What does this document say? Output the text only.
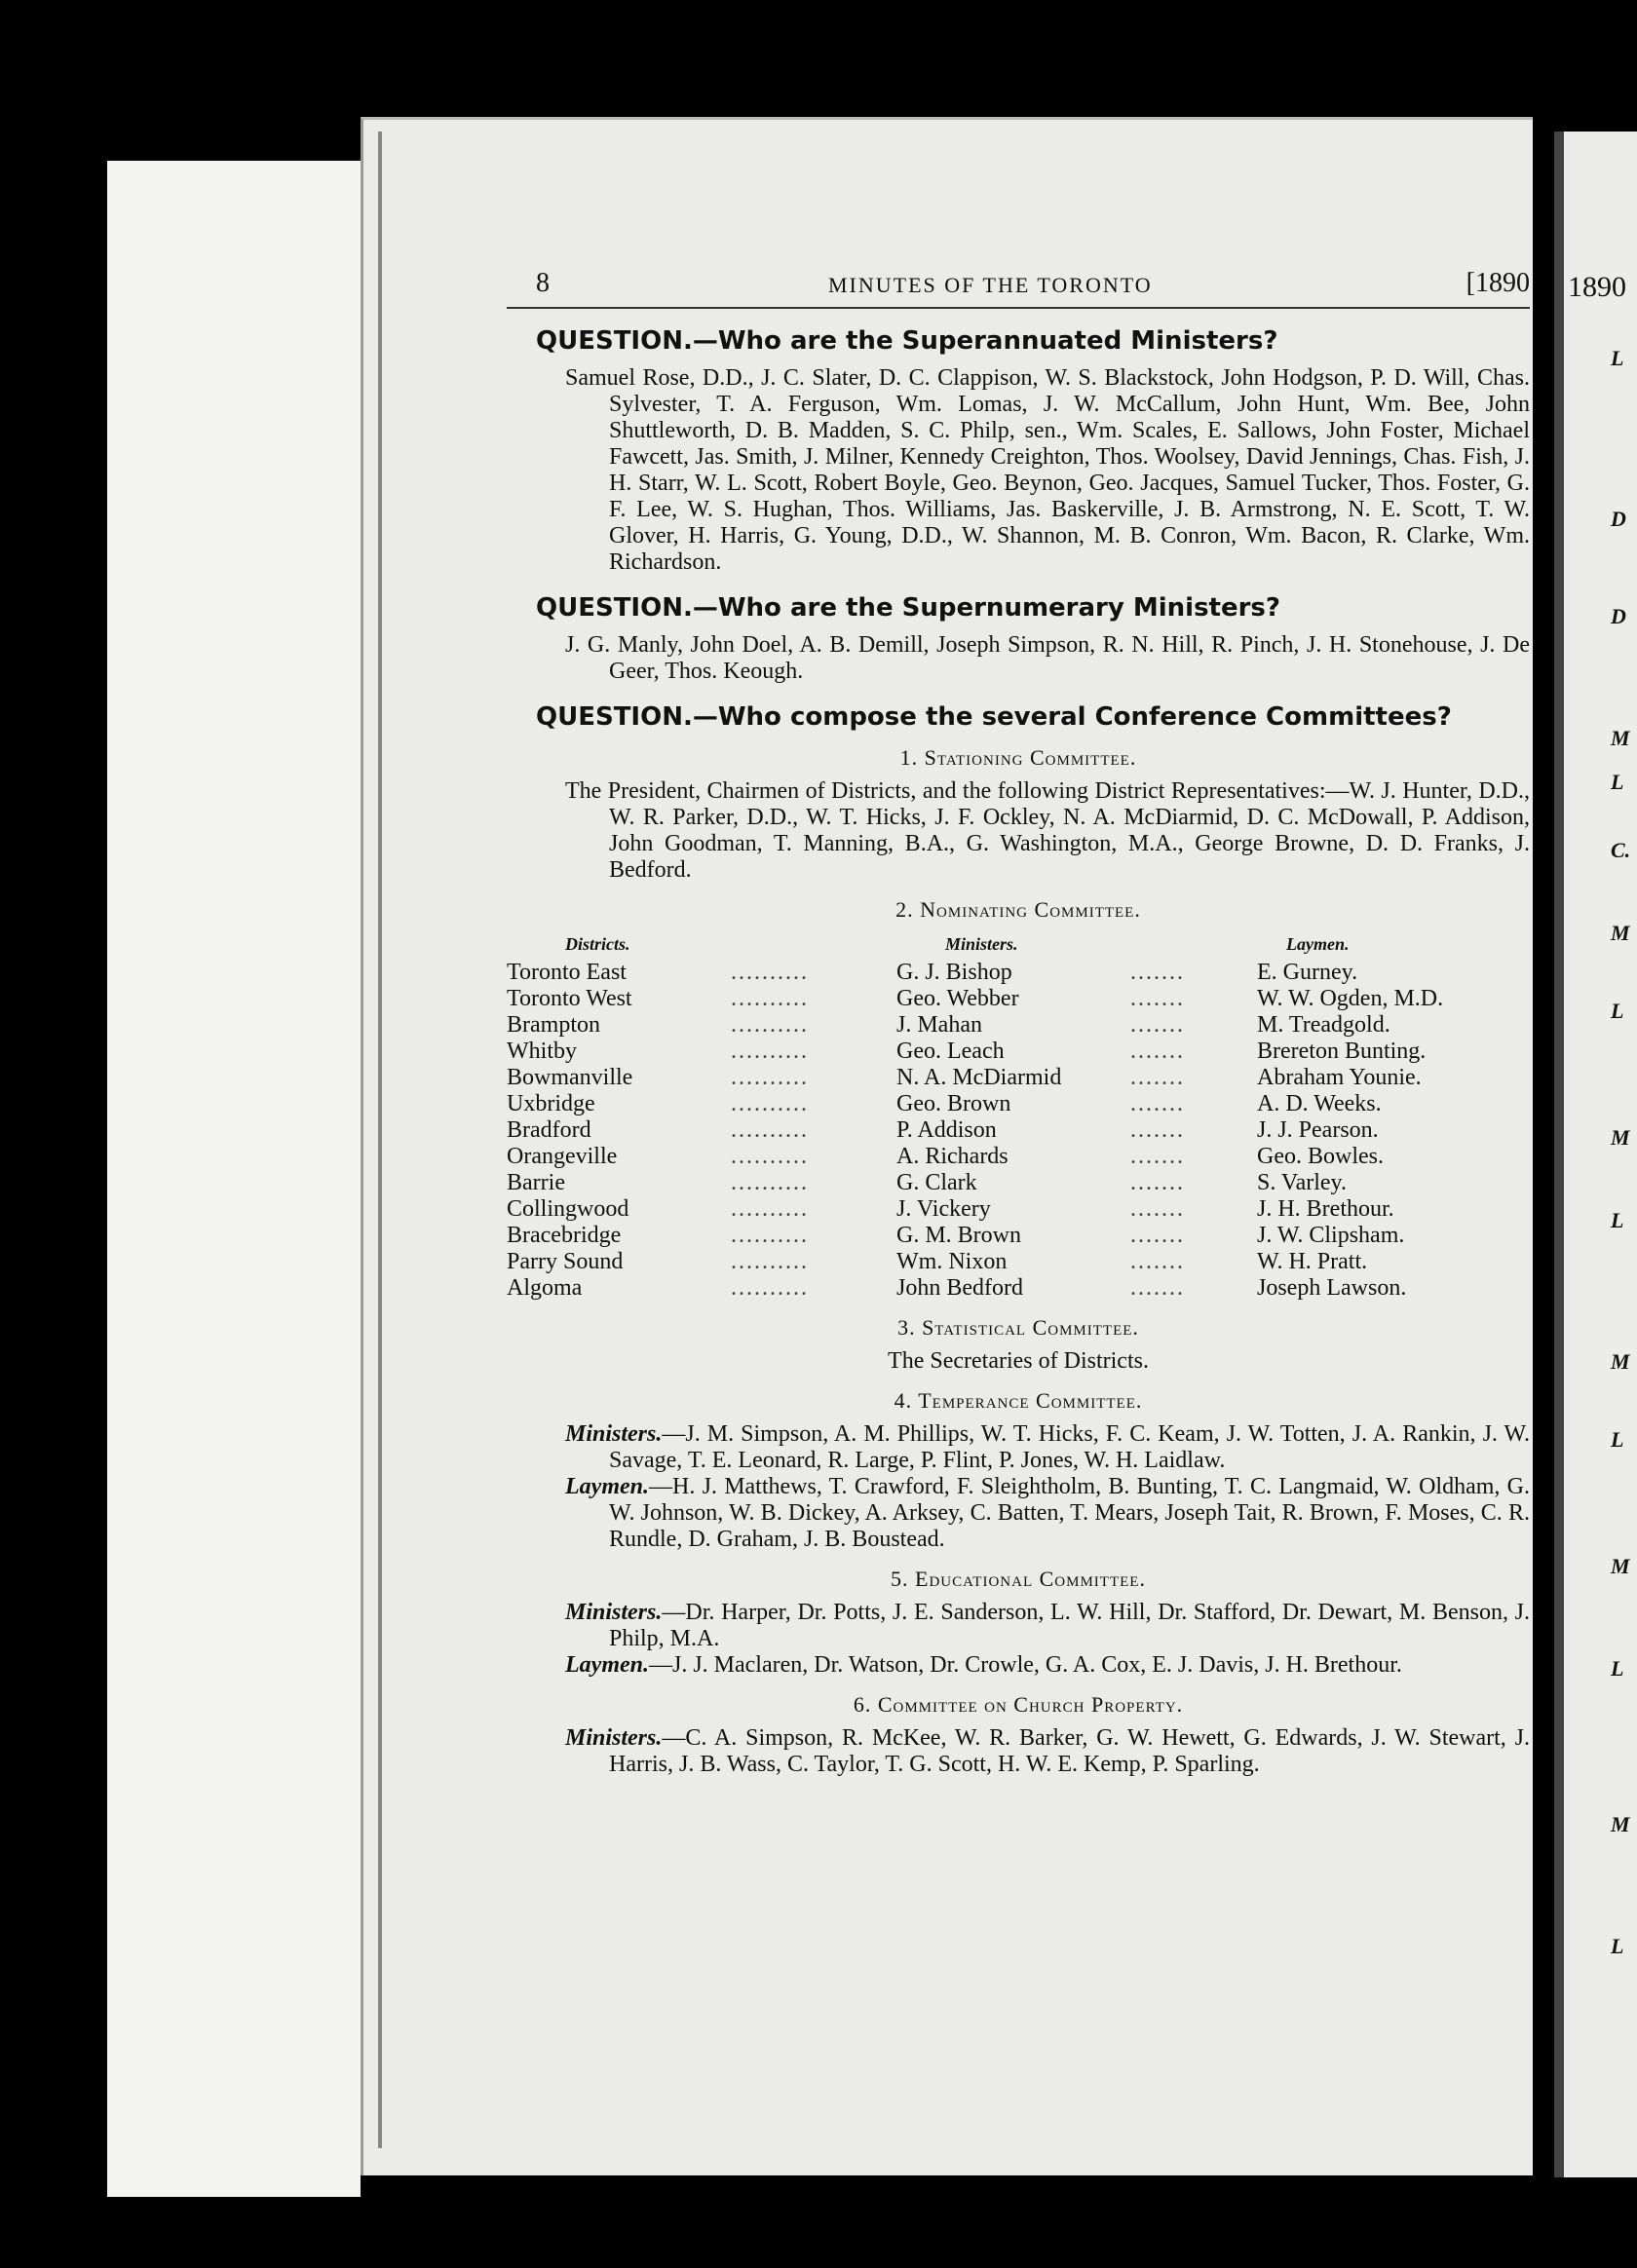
1890
L
D
D
M
L
C.
M
L
M
L
M
L
M
L
M
L
8	MINUTES OF THE TORONTO	[1890
QUESTION.—Who are the Superannuated Ministers?

Samuel Rose, D.D., J. C. Slater, D. C. Clappison, W. S. Blackstock, John Hodgson, P. D. Will, Chas. Sylvester, T. A. Ferguson, Wm. Lomas, J. W. McCallum, John Hunt, Wm. Bee, John Shuttleworth, D. B. Madden, S. C. Philp, sen., Wm. Scales, E. Sallows, John Foster, Michael Fawcett, Jas. Smith, J. Milner, Kennedy Creighton, Thos. Woolsey, David Jennings, Chas. Fish, J. H. Starr, W. L. Scott, Robert Boyle, Geo. Beynon, Geo. Jacques, Samuel Tucker, Thos. Foster, G. F. Lee, W. S. Hughan, Thos. Williams, Jas. Baskerville, J. B. Armstrong, N. E. Scott, T. W. Glover, H. Harris, G. Young, D.D., W. Shannon, M. B. Conron, Wm. Bacon, R. Clarke, Wm. Richardson.

QUESTION.—Who are the Supernumerary Ministers?

J. G. Manly, John Doel, A. B. Demill, Joseph Simpson, R. N. Hill, R. Pinch, J. H. Stonehouse, J. De Geer, Thos. Keough.

QUESTION.—Who compose the several Conference Committees?
1. Stationing Committee.

The President, Chairmen of Districts, and the following District Representatives:—W. J. Hunter, D.D., W. R. Parker, D.D., W. T. Hicks, J. F. Ockley, N. A. McDiarmid, D. C. McDowall, P. Addison, John Goodman, T. Manning, B.A., G. Washington, M.A., George Browne, D. D. Franks, J. Bedford.

2. Nominating Committee.
Districts.	Ministers.	Laymen.
Toronto East	..........	G. J. Bishop	.......	E. Gurney.
Toronto West	..........	Geo. Webber	.......	W. W. Ogden, M.D.
Brampton	..........	J. Mahan	.......	M. Treadgold.
Whitby	..........	Geo. Leach	.......	Brereton Bunting.
Bowmanville	..........	N. A. McDiarmid	.......	Abraham Younie.
Uxbridge	..........	Geo. Brown	.......	A. D. Weeks.
Bradford	..........	P. Addison	.......	J. J. Pearson.
Orangeville	..........	A. Richards	.......	Geo. Bowles.
Barrie	..........	G. Clark	.......	S. Varley.
Collingwood	..........	J. Vickery	.......	J. H. Brethour.
Bracebridge	..........	G. M. Brown	.......	J. W. Clipsham.
Parry Sound	..........	Wm. Nixon	.......	W. H. Pratt.
Algoma	..........	John Bedford	.......	Joseph Lawson.
3. Statistical Committee.
The Secretaries of Districts.
4. Temperance Committee.

Ministers.—J. M. Simpson, A. M. Phillips, W. T. Hicks, F. C. Keam, J. W. Totten, J. A. Rankin, J. W. Savage, T. E. Leonard, R. Large, P. Flint, P. Jones, W. H. Laidlaw.

Laymen.—H. J. Matthews, T. Crawford, F. Sleightholm, B. Bunting, T. C. Langmaid, W. Oldham, G. W. Johnson, W. B. Dickey, A. Arksey, C. Batten, T. Mears, Joseph Tait, R. Brown, F. Moses, C. R. Rundle, D. Graham, J. B. Boustead.

5. Educational Committee.

Ministers.—Dr. Harper, Dr. Potts, J. E. Sanderson, L. W. Hill, Dr. Stafford, Dr. Dewart, M. Benson, J. Philp, M.A.

Laymen.—J. J. Maclaren, Dr. Watson, Dr. Crowle, G. A. Cox, E. J. Davis, J. H. Brethour.

6. Committee on Church Property.

Ministers.—C. A. Simpson, R. McKee, W. R. Barker, G. W. Hewett, G. Edwards, J. W. Stewart, J. Harris, J. B. Wass, C. Taylor, T. G. Scott, H. W. E. Kemp, P. Sparling.
